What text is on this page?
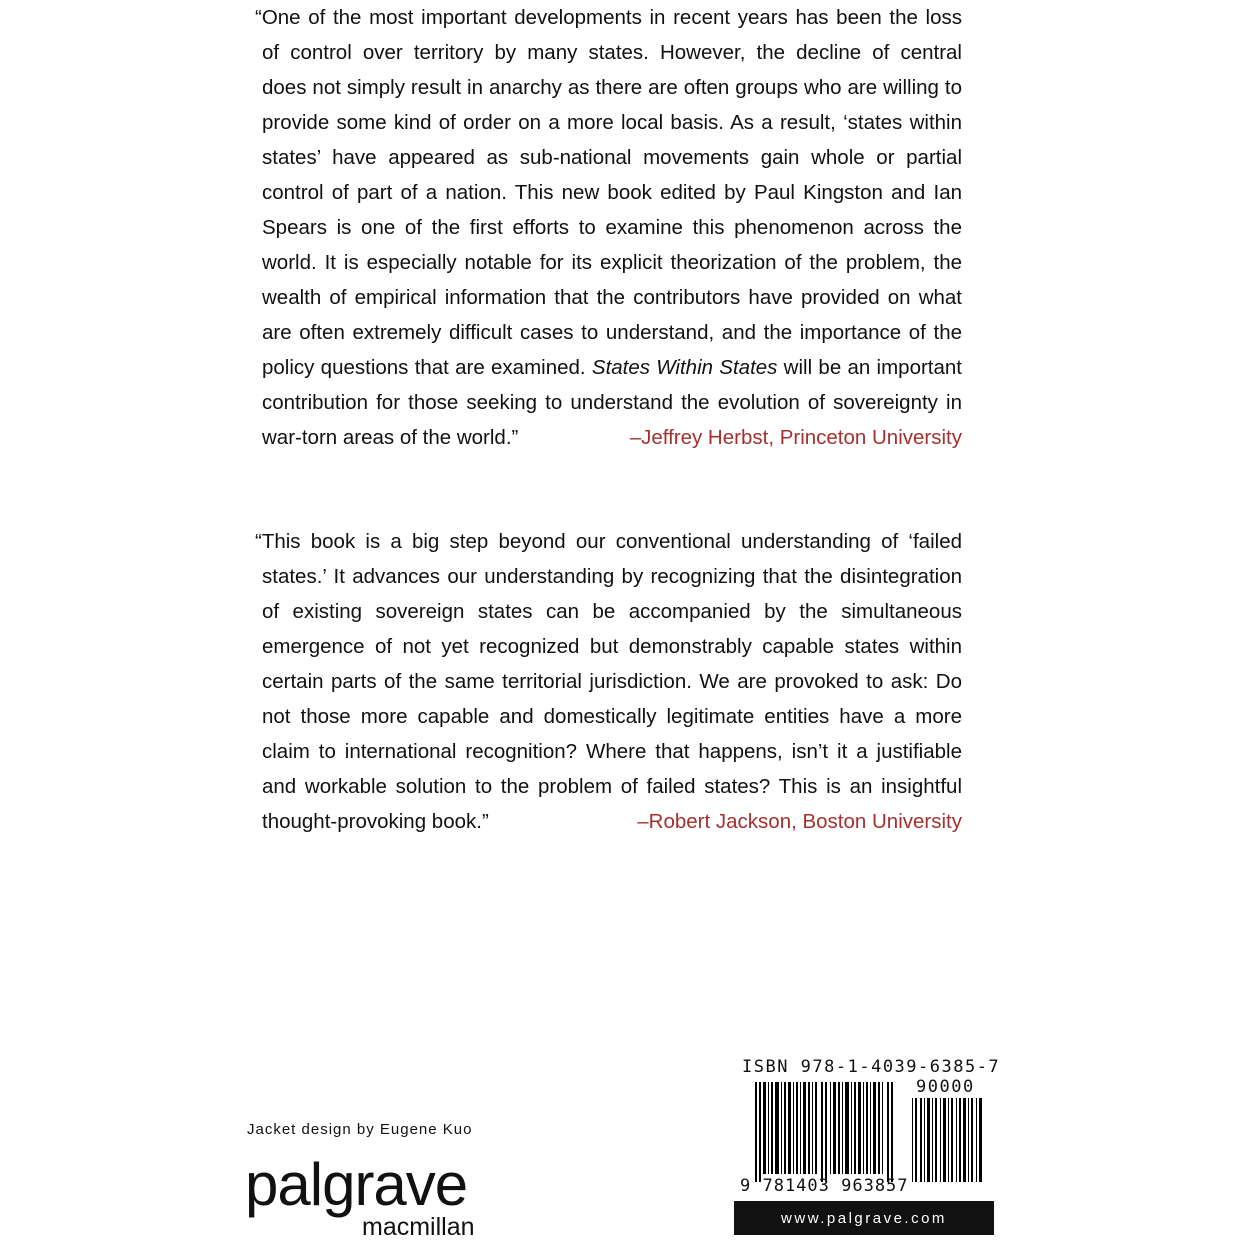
“One of the most important developments in recent years has been the loss
of control over territory by many states. However, the decline of central
does not simply result in anarchy as there are often groups who are willing to
provide some kind of order on a more local basis. As a result, ‘states within
states’ have appeared as sub-national movements gain whole or partial
control of part of a nation. This new book edited by Paul Kingston and Ian
Spears is one of the first efforts to examine this phenomenon across the
world. It is especially notable for its explicit theorization of the problem, the
wealth of empirical information that the contributors have provided on what
are often extremely difficult cases to understand, and the importance of the
policy questions that are examined. States Within States will be an important
contribution for those seeking to understand the evolution of sovereignty in
war-torn areas of the world.”	–Jeffrey Herbst, Princeton University
“This book is a big step beyond our conventional understanding of ‘failed
states.’ It advances our understanding by recognizing that the disintegration
of existing sovereign states can be accompanied by the simultaneous
emergence of not yet recognized but demonstrably capable states within
certain parts of the same territorial jurisdiction. We are provoked to ask: Do
not those more capable and domestically legitimate entities have a more
claim to international recognition? Where that happens, isn’t it a justifiable
and workable solution to the problem of failed states? This is an insightful
thought-provoking book.”	–Robert Jackson, Boston University
Jacket design by Eugene Kuo
palgrave
macmillan
ISBN 978-1-4039-6385-7
90000
9 781403 963857
www.palgrave.com
